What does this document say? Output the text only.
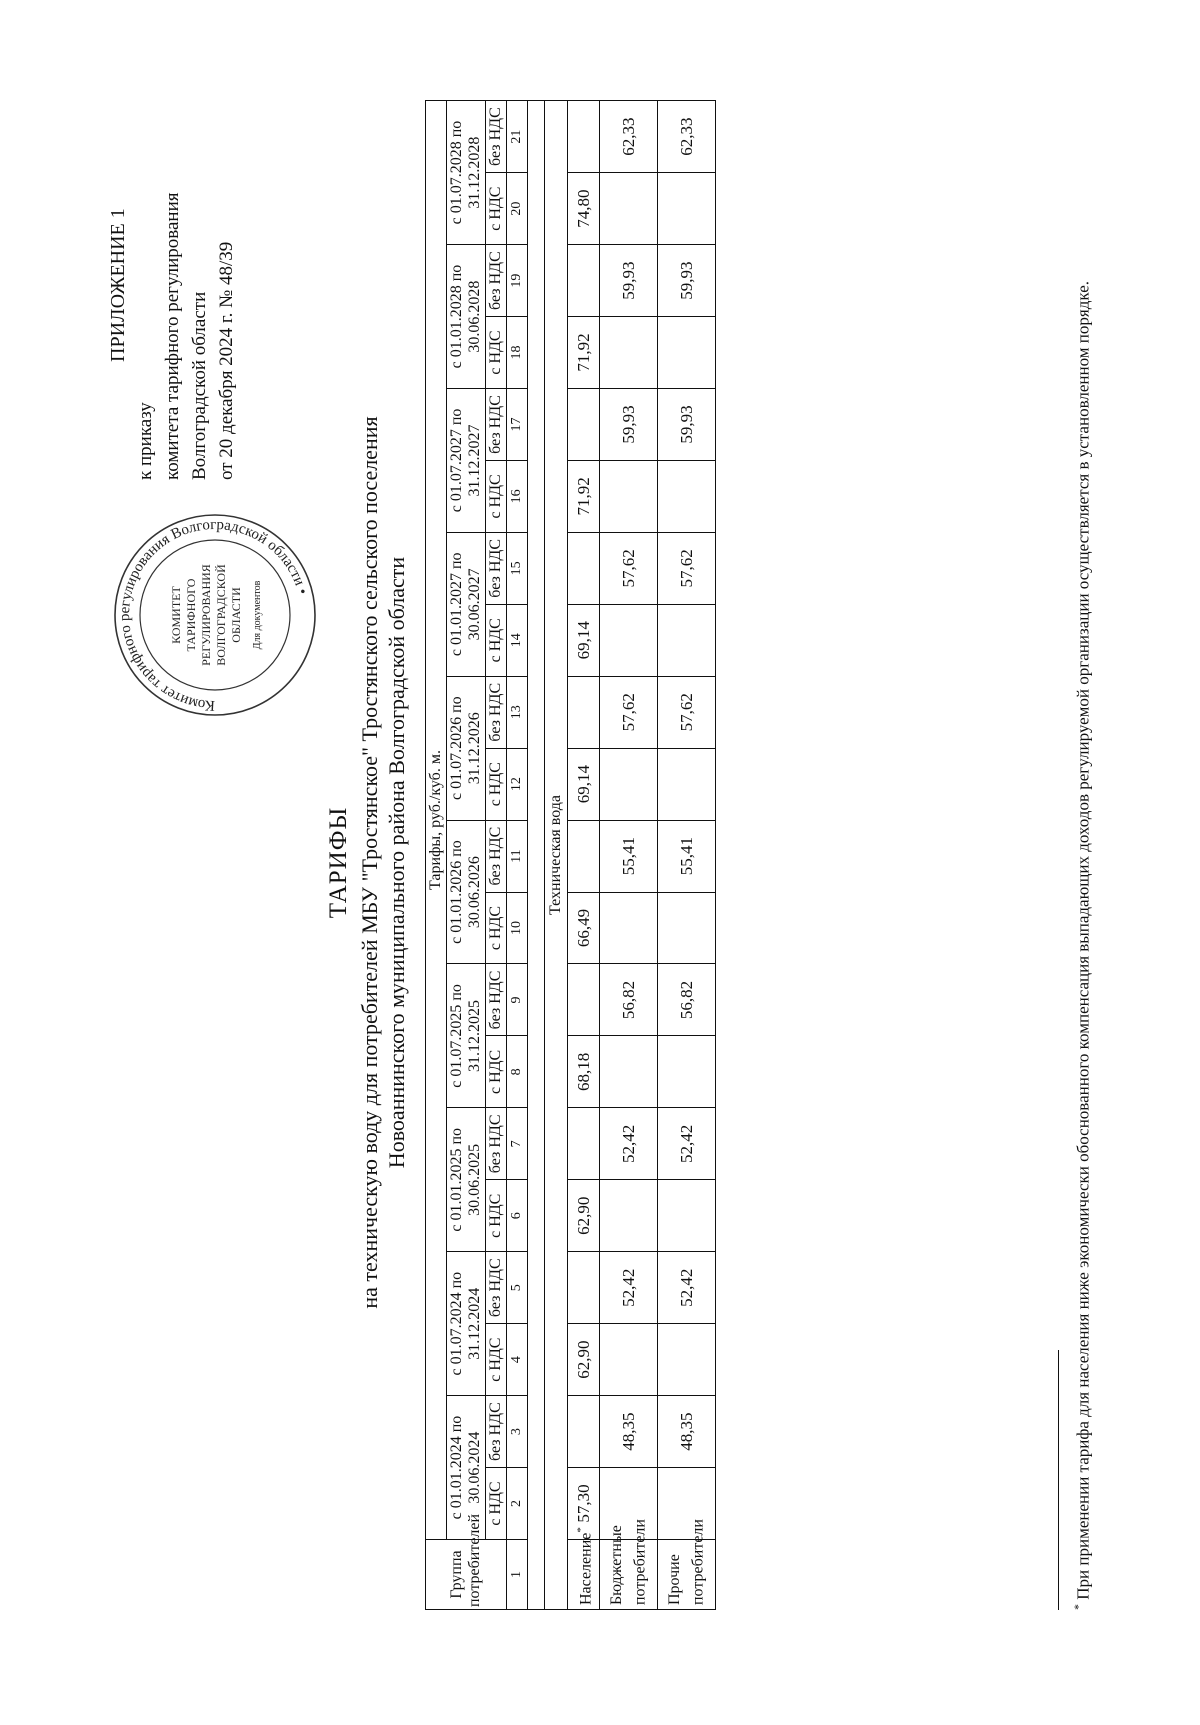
ПРИЛОЖЕНИЕ 1
к приказу комитета тарифного регулирования Волгоградской области от 20 декабря 2024 г. № 48/39
Комитет тарифного регулирования Волгоградской области •
КОМИТЕТ ТАРИФНОГО РЕГУЛИРОВАНИЯ ВОЛГОГРАДСКОЙ ОБЛАСТИ Для документов
ТАРИФЫ на техническую воду для потребителей МБУ "Тростянское" Тростянского сельского поселения Новоаннинского муниципального района Волгоградской области
Группа потребителей	Тарифы, руб./куб. м.																			
	с 01.01.2024 по 30.06.2024		с 01.07.2024 по 31.12.2024		с 01.01.2025 по 30.06.2025		с 01.07.2025 по 31.12.2025		с 01.01.2026 по 30.06.2026		с 01.07.2026 по 31.12.2026		с 01.01.2027 по 30.06.2027		с 01.07.2027 по 31.12.2027		с 01.01.2028 по 30.06.2028		с 01.07.2028 по 31.12.2028	
	с НДС	без НДС	с НДС	без НДС	с НДС	без НДС	с НДС	без НДС	с НДС	без НДС	с НДС	без НДС	с НДС	без НДС	с НДС	без НДС	с НДС	без НДС	с НДС	без НДС
1	2	3	4	5	6	7	8	9	10	11	12	13	14	15	16	17	18	19	20	21

Техническая вода																				
Население*	57,30		62,90		62,90		68,18		66,49		69,14		69,14		71,92		71,92		74,80	
Бюджетные потребители		48,35		52,42		52,42		56,82		55,41		57,62		57,62		59,93		59,93		62,33
Прочие потребители		48,35		52,42		52,42		56,82		55,41		57,62		57,62		59,93		59,93		62,33
* При применении тарифа для населения ниже экономически обоснованного компенсация выпадающих доходов регулируемой организации осуществляется в установленном порядке.
